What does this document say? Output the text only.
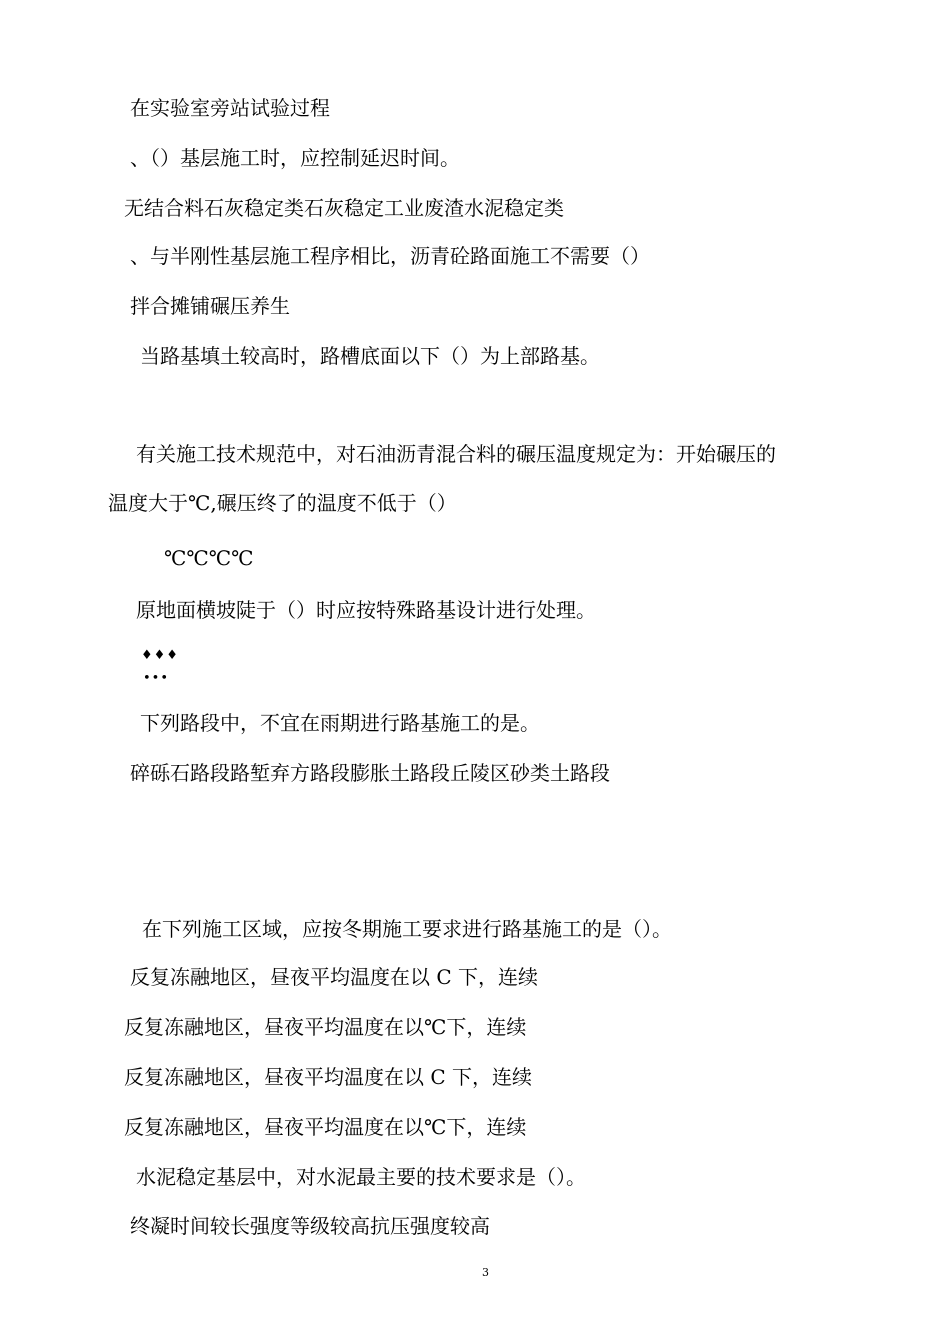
在实验室旁站试验过程
、（）基层施工时，应控制延迟时间。
无结合料石灰稳定类石灰稳定工业废渣水泥稳定类
、与半刚性基层施工程序相比，沥青砼路面施工不需要（）
拌合摊铺碾压养生
当路基填土较高时，路槽底面以下（）为上部路基。
有关施工技术规范中，对石油沥青混合料的碾压温度规定为：开始碾压的
温度大于℃,碾压终了的温度不低于（）
℃℃℃℃
原地面横坡陡于（）时应按特殊路基设计进行处理。
♦♦♦
•••
下列路段中，不宜在雨期进行路基施工的是。
碎砾石路段路堑弃方路段膨胀土路段丘陵区砂类土路段
在下列施工区域，应按冬期施工要求进行路基施工的是（）。
反复冻融地区，昼夜平均温度在以 C 下，连续
反复冻融地区，昼夜平均温度在以℃下，连续
反复冻融地区，昼夜平均温度在以 C 下，连续
反复冻融地区，昼夜平均温度在以℃下，连续
水泥稳定基层中，对水泥最主要的技术要求是（）。
终凝时间较长强度等级较高抗压强度较高
3
